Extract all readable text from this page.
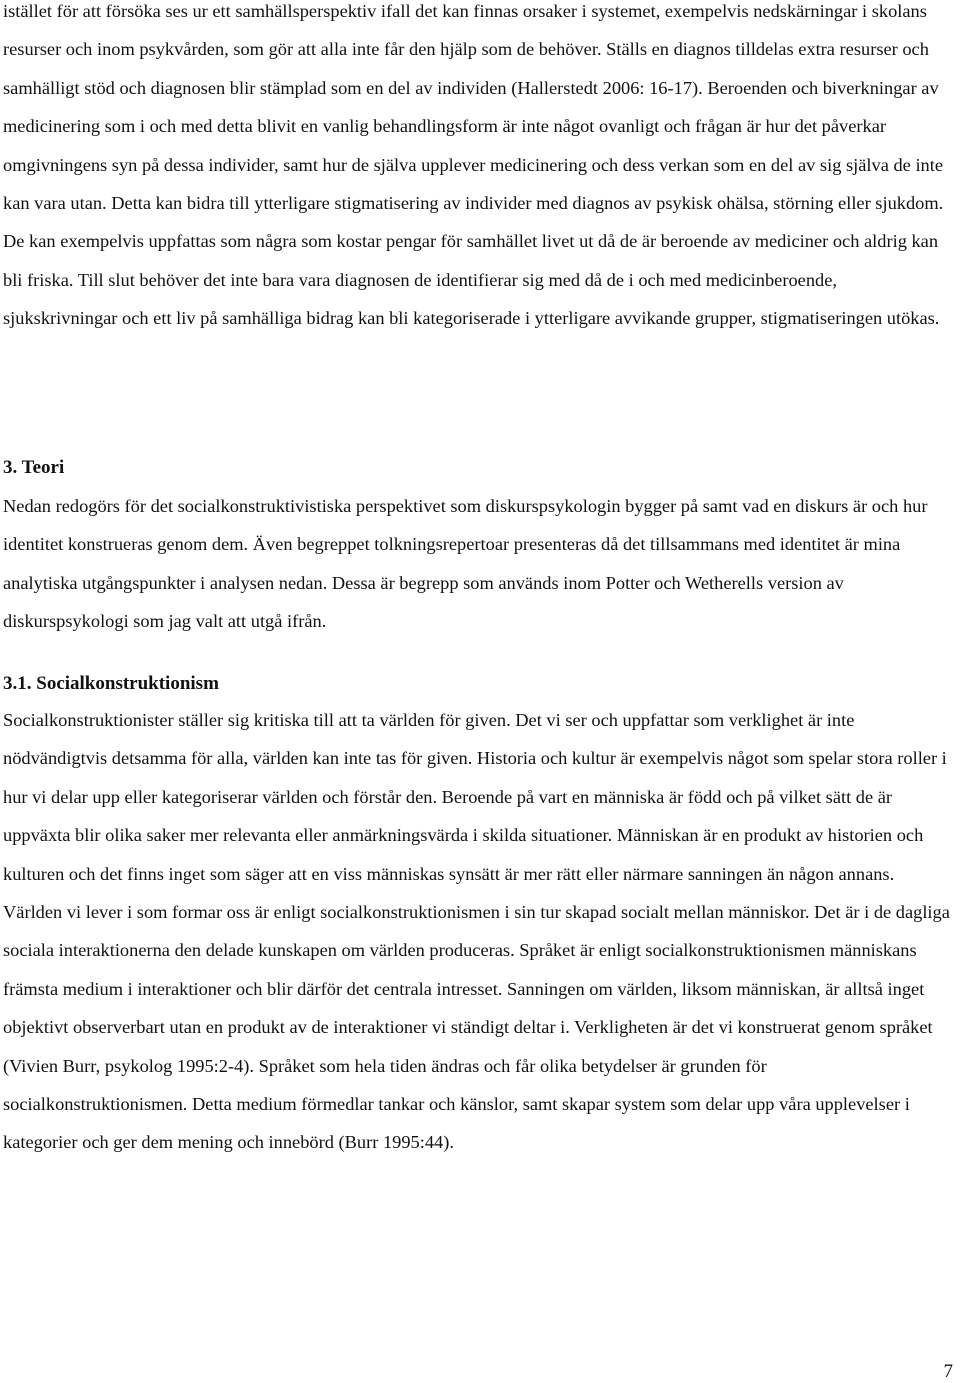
istället för att försöka ses ur ett samhällsperspektiv ifall det kan finnas orsaker i systemet, exempelvis nedskärningar i skolans resurser och inom psykvården, som gör att alla inte får den hjälp som de behöver. Ställs en diagnos tilldelas extra resurser och samhälligt stöd och diagnosen blir stämplad som en del av individen (Hallerstedt 2006: 16-17). Beroenden och biverkningar av medicinering som i och med detta blivit en vanlig behandlingsform är inte något ovanligt och frågan är hur det påverkar omgivningens syn på dessa individer, samt hur de själva upplever medicinering och dess verkan som en del av sig själva de inte kan vara utan. Detta kan bidra till ytterligare stigmatisering av individer med diagnos av psykisk ohälsa, störning eller sjukdom. De kan exempelvis uppfattas som några som kostar pengar för samhället livet ut då de är beroende av mediciner och aldrig kan bli friska. Till slut behöver det inte bara vara diagnosen de identifierar sig med då de i och med medicinberoende, sjukskrivningar och ett liv på samhälliga bidrag kan bli kategoriserade i ytterligare avvikande grupper, stigmatiseringen utökas.

3. Teori

Nedan redogörs för det socialkonstruktivistiska perspektivet som diskurspsykologin bygger på samt vad en diskurs är och hur identitet konstrueras genom dem. Även begreppet tolkningsrepertoar presenteras då det tillsammans med identitet är mina analytiska utgångspunkter i analysen nedan. Dessa är begrepp som används inom Potter och Wetherells version av diskurspsykologi som jag valt att utgå ifrån.

3.1. Socialkonstruktionism

Socialkonstruktionister ställer sig kritiska till att ta världen för given. Det vi ser och uppfattar som verklighet är inte nödvändigtvis detsamma för alla, världen kan inte tas för given. Historia och kultur är exempelvis något som spelar stora roller i hur vi delar upp eller kategoriserar världen och förstår den. Beroende på vart en människa är född och på vilket sätt de är uppväxta blir olika saker mer relevanta eller anmärkningsvärda i skilda situationer. Människan är en produkt av historien och kulturen och det finns inget som säger att en viss människas synsätt är mer rätt eller närmare sanningen än någon annans. Världen vi lever i som formar oss är enligt socialkonstruktionismen i sin tur skapad socialt mellan människor. Det är i de dagliga sociala interaktionerna den delade kunskapen om världen produceras. Språket är enligt socialkonstruktionismen människans främsta medium i interaktioner och blir därför det centrala intresset. Sanningen om världen, liksom människan, är alltså inget objektivt observerbart utan en produkt av de interaktioner vi ständigt deltar i. Verkligheten är det vi konstruerat genom språket (Vivien Burr, psykolog 1995:2-4). Språket som hela tiden ändras och får olika betydelser är grunden för socialkonstruktionismen. Detta medium förmedlar tankar och känslor, samt skapar system som delar upp våra upplevelser i kategorier och ger dem mening och innebörd (Burr 1995:44).

7
